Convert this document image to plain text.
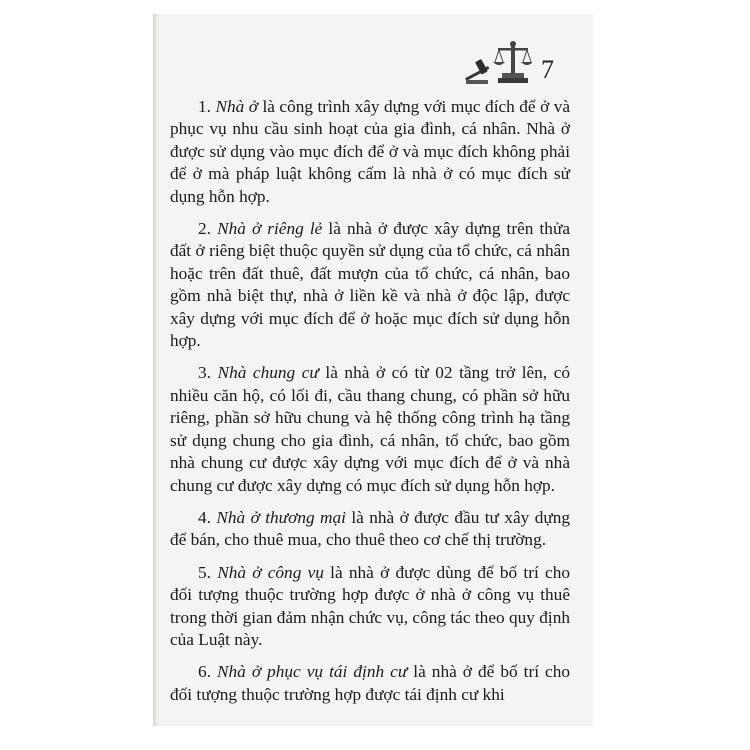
7

1. Nhà ở là công trình xây dựng với mục đích để ở và phục vụ nhu cầu sinh hoạt của gia đình, cá nhân. Nhà ở được sử dụng vào mục đích để ở và mục đích không phải để ở mà pháp luật không cấm là nhà ở có mục đích sử dụng hỗn hợp.

2. Nhà ở riêng lẻ là nhà ở được xây dựng trên thửa đất ở riêng biệt thuộc quyền sử dụng của tổ chức, cá nhân hoặc trên đất thuê, đất mượn của tổ chức, cá nhân, bao gồm nhà biệt thự, nhà ở liền kề và nhà ở độc lập, được xây dựng với mục đích để ở hoặc mục đích sử dụng hỗn hợp.

3. Nhà chung cư là nhà ở có từ 02 tầng trở lên, có nhiều căn hộ, có lối đi, cầu thang chung, có phần sở hữu riêng, phần sở hữu chung và hệ thống công trình hạ tầng sử dụng chung cho gia đình, cá nhân, tổ chức, bao gồm nhà chung cư được xây dựng với mục đích để ở và nhà chung cư được xây dựng có mục đích sử dụng hỗn hợp.

4. Nhà ở thương mại là nhà ở được đầu tư xây dựng để bán, cho thuê mua, cho thuê theo cơ chế thị trường.

5. Nhà ở công vụ là nhà ở được dùng để bố trí cho đối tượng thuộc trường hợp được ở nhà ở công vụ thuê trong thời gian đảm nhận chức vụ, công tác theo quy định của Luật này.

6. Nhà ở phục vụ tái định cư là nhà ở để bố trí cho đối tượng thuộc trường hợp được tái định cư khi
